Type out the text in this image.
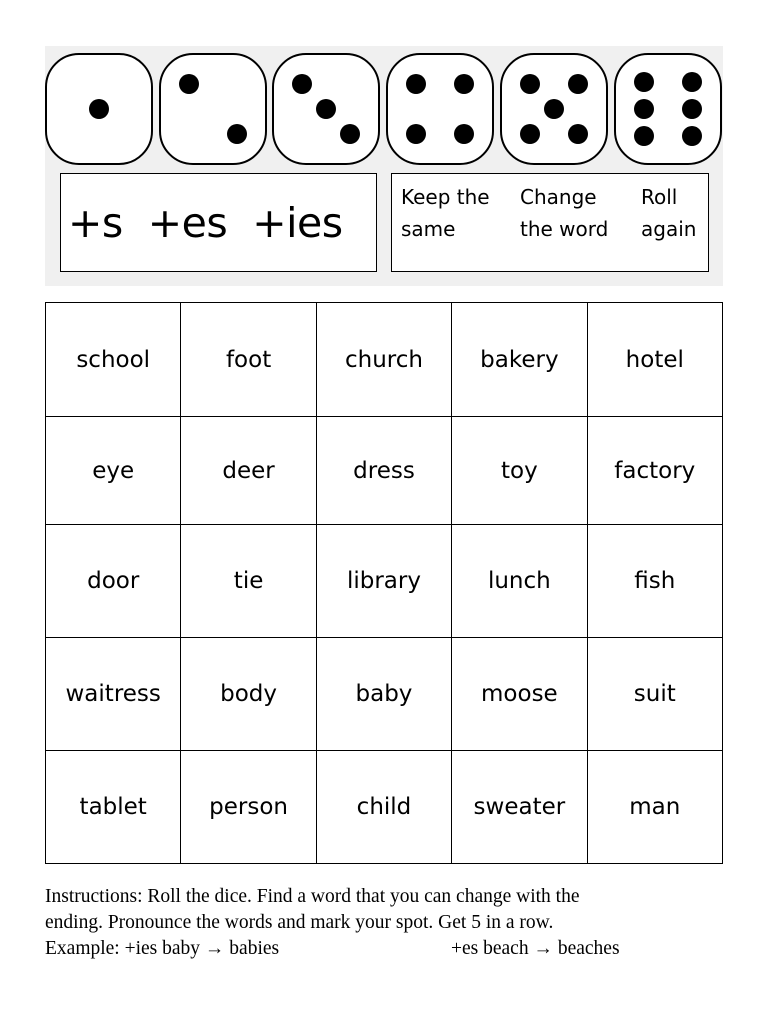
+s  +es  +ies
Keep the
same
Change
the word
Roll
again
school	foot	church	bakery	hotel
eye	deer	dress	toy	factory
door	tie	library	lunch	fish
waitress	body	baby	moose	suit
tablet	person	child	sweater	man

Instructions: Roll the dice. Find a word that you can change with the

ending. Pronounce the words and mark your spot. Get 5 in a row.

Example: +ies baby → babies	+es beach → beaches
